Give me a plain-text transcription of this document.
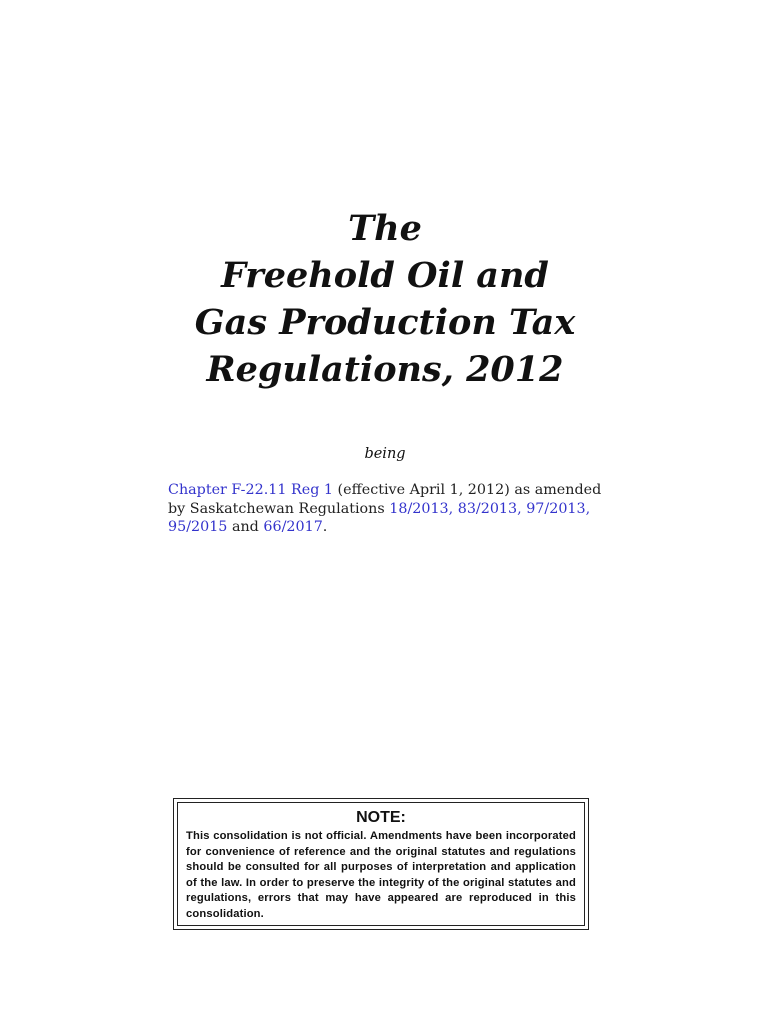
The
Freehold Oil and
Gas Production Tax
Regulations, 2012
being
Chapter F-22.11 Reg 1 (effective April 1, 2012) as amended by Saskatchewan Regulations 18/2013, 83/2013, 97/2013, 95/2015 and 66/2017.
NOTE:
This consolidation is not official. Amendments have been incorporated for convenience of reference and the original statutes and regulations should be consulted for all purposes of interpretation and application of the law. In order to preserve the integrity of the original statutes and regulations, errors that may have appeared are reproduced in this consolidation.
